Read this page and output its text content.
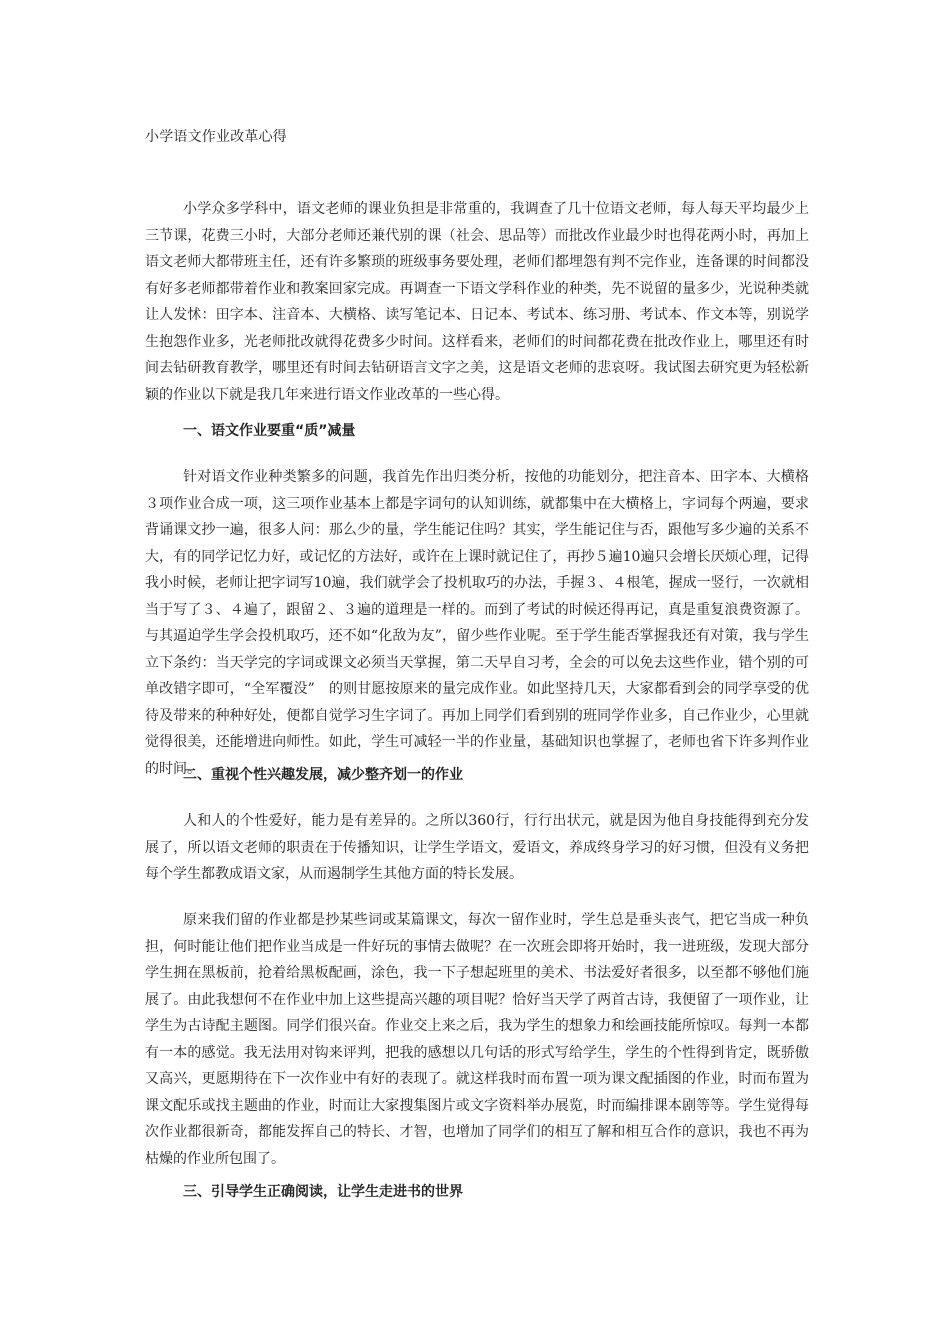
小学语文作业改革心得

小学众多学科中，语文老师的课业负担是非常重的，我调查了几十位语文老师，每人每天平均最少上三节课，花费三小时，大部分老师还兼代别的课（社会、思品等）而批改作业最少时也得花两小时，再加上语文老师大都带班主任，还有许多繁琐的班级事务要处理，老师们都埋怨有判不完作业，连备课的时间都没有好多老师都带着作业和教案回家完成。再调查一下语文学科作业的种类，先不说留的量多少，光说种类就让人发怵：田字本、注音本、大横格、读写笔记本、日记本、考试本、练习册、考试本、作文本等，别说学生抱怨作业多，光老师批改就得花费多少时间。这样看来，老师们的时间都花费在批改作业上，哪里还有时间去钻研教育教学，哪里还有时间去钻研语言文字之美，这是语文老师的悲哀呀。我试图去研究更为轻松新颖的作业以下就是我几年来进行语文作业改革的一些心得。

一、语文作业要重“质”减量

针对语文作业种类繁多的问题，我首先作出归类分析，按他的功能划分，把注音本、田字本、大横格３项作业合成一项，这三项作业基本上都是字词句的认知训练，就都集中在大横格上，字词每个两遍，要求背诵课文抄一遍，很多人问：那么少的量，学生能记住吗？其实，学生能记住与否，跟他写多少遍的关系不大，有的同学记忆力好，或记忆的方法好，或许在上课时就记住了，再抄５遍10遍只会增长厌烦心理，记得我小时候，老师让把字词写10遍，我们就学会了投机取巧的办法，手握３、４根笔，握成一竖行，一次就相当于写了３、４遍了，跟留２、３遍的道理是一样的。而到了考试的时候还得再记，真是重复浪费资源了。与其逼迫学生学会投机取巧，还不如“化敌为友”，留少些作业呢。至于学生能否掌握我还有对策，我与学生立下条约：当天学完的字词或课文必须当天掌握，第二天早自习考，全会的可以免去这些作业，错个别的可单改错字即可，“全军覆没”　的则甘愿按原来的量完成作业。如此坚持几天，大家都看到会的同学享受的优待及带来的种种好处，便都自觉学习生字词了。再加上同学们看到别的班同学作业多，自己作业少，心里就觉得很美，还能增进向师性。如此，学生可减轻一半的作业量，基础知识也掌握了，老师也省下许多判作业的时间。

二、重视个性兴趣发展，减少整齐划一的作业

人和人的个性爱好，能力是有差异的。之所以360行，行行出状元，就是因为他自身技能得到充分发展了，所以语文老师的职责在于传播知识，让学生学语文，爱语文，养成终身学习的好习惯，但没有义务把每个学生都教成语文家，从而遏制学生其他方面的特长发展。

原来我们留的作业都是抄某些词或某篇课文，每次一留作业时，学生总是垂头丧气，把它当成一种负担，何时能让他们把作业当成是一件好玩的事情去做呢？在一次班会即将开始时，我一进班级，发现大部分学生拥在黑板前，抢着给黑板配画，涂色，我一下子想起班里的美术、书法爱好者很多，以至都不够他们施展了。由此我想何不在作业中加上这些提高兴趣的项目呢？恰好当天学了两首古诗，我便留了一项作业，让学生为古诗配主题图。同学们很兴奋。作业交上来之后，我为学生的想象力和绘画技能所惊叹。每判一本都有一本的感觉。我无法用对钩来评判，把我的感想以几句话的形式写给学生，学生的个性得到肯定，既骄傲又高兴，更愿期待在下一次作业中有好的表现了。就这样我时而布置一项为课文配插图的作业，时而布置为课文配乐或找主题曲的作业，时而让大家搜集图片或文字资料举办展览，时而编排课本剧等等。学生觉得每次作业都很新奇，都能发挥自己的特长、才智，也增加了同学们的相互了解和相互合作的意识，我也不再为枯燥的作业所包围了。

三、引导学生正确阅读，让学生走进书的世界
